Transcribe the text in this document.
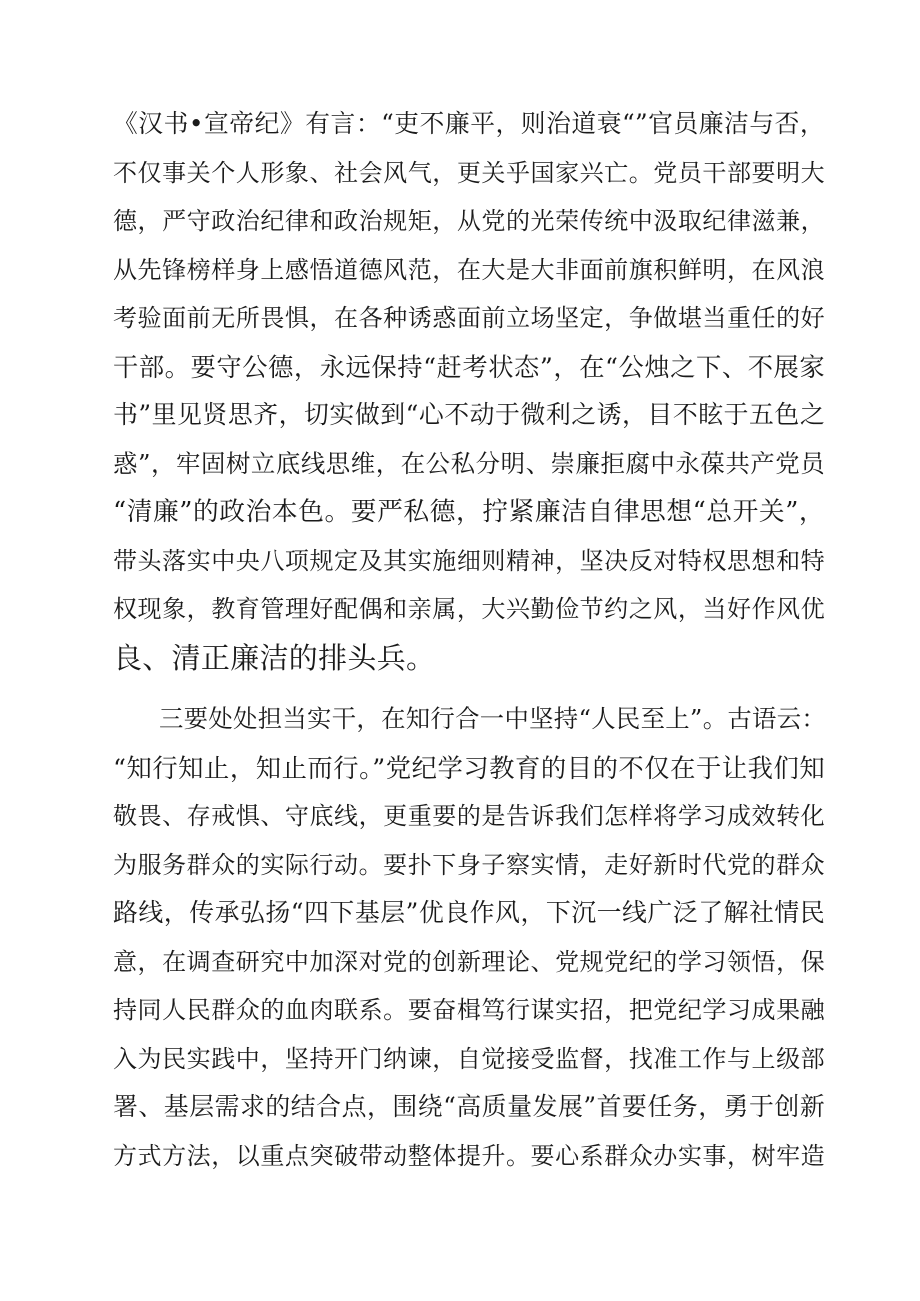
《汉书•宣帝纪》有言：“吏不廉平，则治道衰“”官员廉洁与否，
不仅事关个人形象、社会风气，更关乎国家兴亡。党员干部要明大
德，严守政治纪律和政治规矩，从党的光荣传统中汲取纪律滋兼，
从先锋榜样身上感悟道德风范，在大是大非面前旗积鲜明，在风浪
考验面前无所畏惧，在各种诱惑面前立场坚定，争做堪当重任的好
干部。要守公德，永远保持“赶考状态”，在“公烛之下、不展家
书”里见贤思齐，切实做到“心不动于微利之诱，目不眩于五色之
惑”，牢固树立底线思维，在公私分明、崇廉拒腐中永葆共产党员
“清廉”的政治本色。要严私德，拧紧廉洁自律思想“总开关”，
带头落实中央八项规定及其实施细则精神，坚决反对特权思想和特
权现象，教育管理好配偶和亲属，大兴勤俭节约之风，当好作风优
良、清正廉洁的排头兵。
三要处处担当实干，在知行合一中坚持“人民至上”。古语云：
“知行知止，知止而行。”党纪学习教育的目的不仅在于让我们知
敬畏、存戒惧、守底线，更重要的是告诉我们怎样将学习成效转化
为服务群众的实际行动。要扑下身子察实情，走好新时代党的群众
路线，传承弘扬“四下基层”优良作风，下沉一线广泛了解社情民
意，在调查研究中加深对党的创新理论、党规党纪的学习领悟，保
持同人民群众的血肉联系。要奋楫笃行谋实招，把党纪学习成果融
入为民实践中，坚持开门纳谏，自觉接受监督，找准工作与上级部
署、基层需求的结合点，围绕“高质量发展”首要任务，勇于创新
方式方法，以重点突破带动整体提升。要心系群众办实事，树牢造
